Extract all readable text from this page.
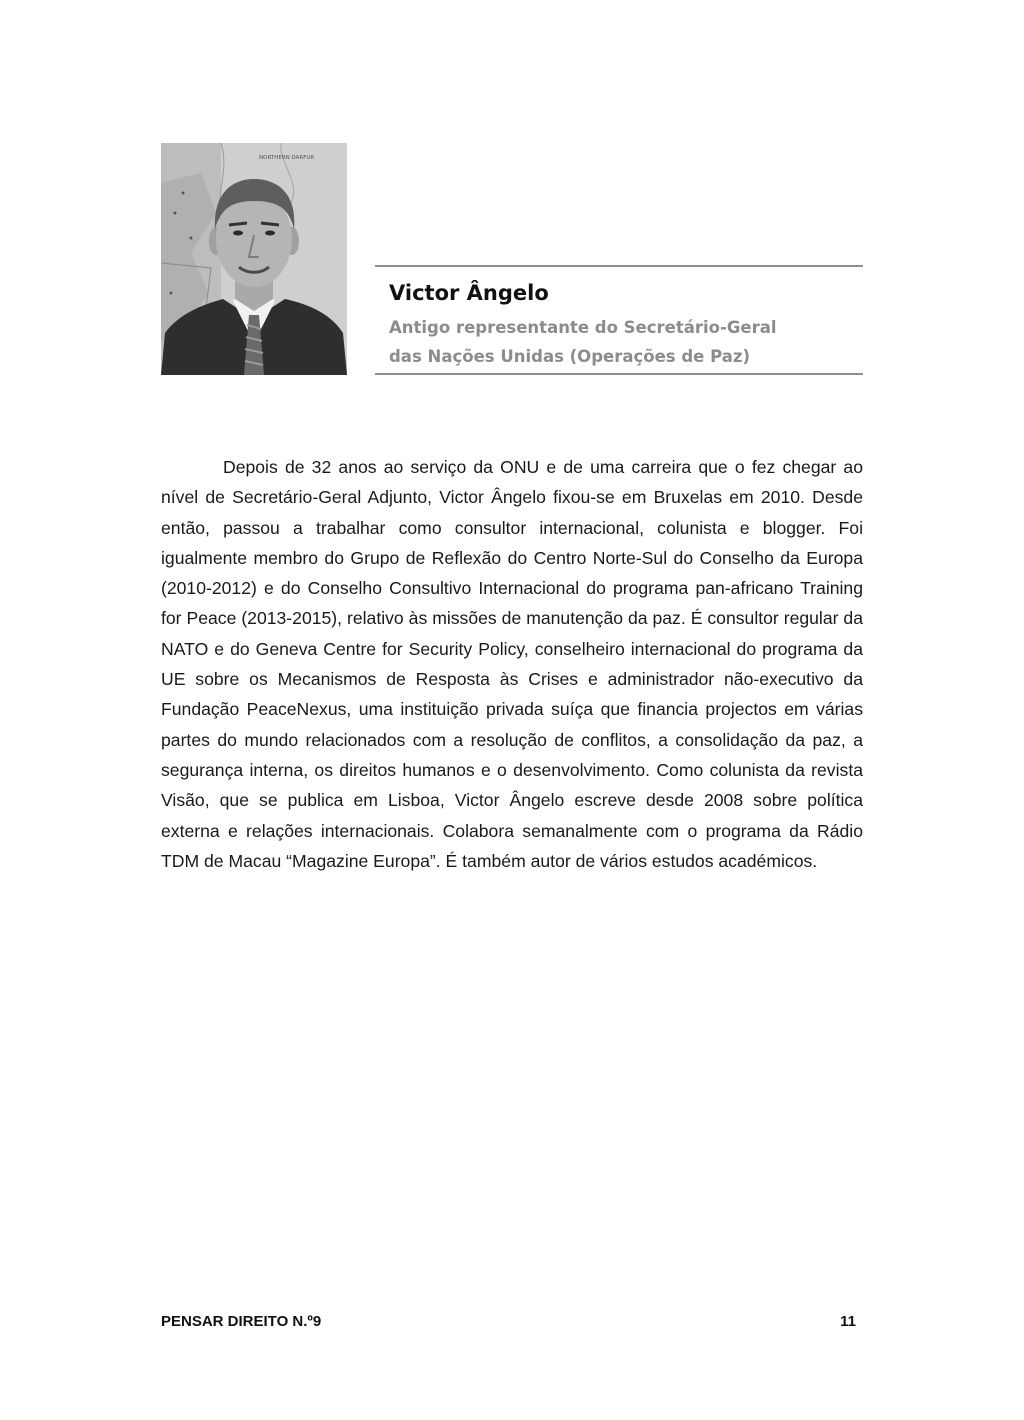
NORTHERN DARFUR
Victor Ângelo

Antigo representante do Secretário-Geral
das Nações Unidas (Operações de Paz)

Depois de 32 anos ao serviço da ONU e de uma carreira que o fez chegar ao nível de Secretário-Geral Adjunto, Victor Ângelo fixou-se em Bruxelas em 2010. Desde então, passou a trabalhar como consultor internacional, colunista e blogger. Foi igualmente membro do Grupo de Reflexão do Centro Norte-Sul do Conselho da Europa (2010-2012) e do Conselho Consultivo Internacional do programa pan-africano Training for Peace (2013-2015), relativo às missões de manutenção da paz. É consultor regular da NATO e do Geneva Centre for Security Policy, conselheiro internacional do programa da UE sobre os Mecanismos de Resposta às Crises e administrador não-executivo da Fundação PeaceNexus, uma instituição privada suíça que financia projectos em várias partes do mundo relacionados com a resolução de conflitos, a consolidação da paz, a segurança interna, os direitos humanos e o desenvolvimento. Como colunista da revista Visão, que se publica em Lisboa, Victor Ângelo escreve desde 2008 sobre política externa e relações internacionais. Colabora semanalmente com o programa da Rádio TDM de Macau “Magazine Europa”. É também autor de vários estudos académicos.

PENSAR DIREITO N.º9	11
